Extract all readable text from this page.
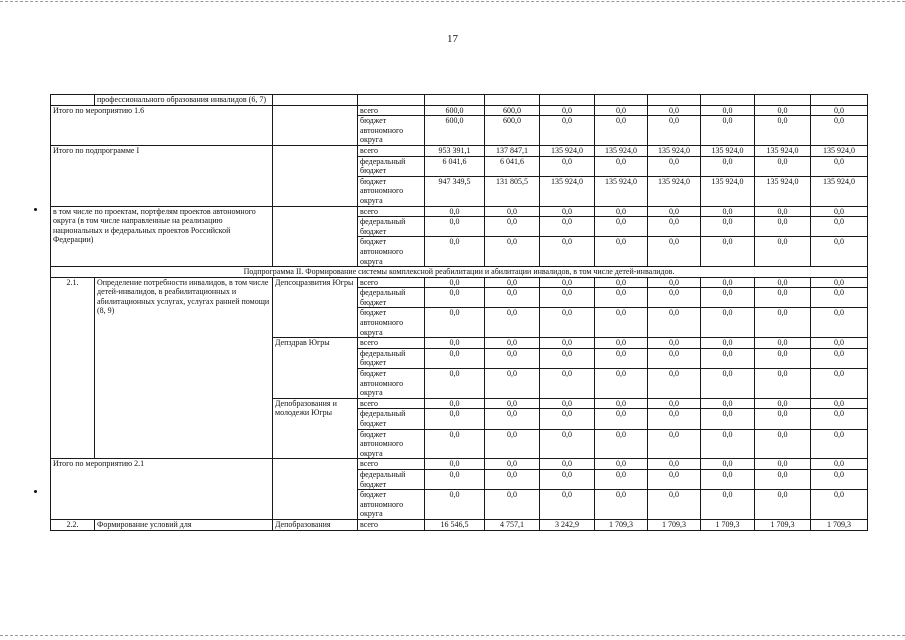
17
	профессионального образования инвалидов (6, 7)										
Итого по мероприятию 1.6			всего	600,0	600,0	0,0	0,0	0,0	0,0	0,0	0,0
			бюджет автономного округа	600,0	600,0	0,0	0,0	0,0	0,0	0,0	0,0
Итого по подпрограмме I			всего	953 391,1	137 847,1	135 924,0	135 924,0	135 924,0	135 924,0	135 924,0	135 924,0
			федеральный бюджет	6 041,6	6 041,6	0,0	0,0	0,0	0,0	0,0	0,0
			бюджет автономного округа	947 349,5	131 805,5	135 924,0	135 924,0	135 924,0	135 924,0	135 924,0	135 924,0
в том числе по проектам, портфелям проектов автономного округа (в том числе направленные на реализацию национальных и федеральных проектов Российской Федерации)			всего	0,0	0,0	0,0	0,0	0,0	0,0	0,0	0,0
			федеральный бюджет	0,0	0,0	0,0	0,0	0,0	0,0	0,0	0,0
			бюджет автономного округа	0,0	0,0	0,0	0,0	0,0	0,0	0,0	0,0
Подпрограмма II. Формирование системы комплексной реабилитации и абилитации инвалидов, в том числе детей-инвалидов.											
2.1.	Определение потребности инвалидов, в том числе детей-инвалидов, в реабилитационных и абилитационных услугах, услугах ранней помощи (8, 9)	Депсоцразвития Югры	всего	0,0	0,0	0,0	0,0	0,0	0,0	0,0	0,0
			федеральный бюджет	0,0	0,0	0,0	0,0	0,0	0,0	0,0	0,0
			бюджет автономного округа	0,0	0,0	0,0	0,0	0,0	0,0	0,0	0,0
		Депздрав Югры	всего	0,0	0,0	0,0	0,0	0,0	0,0	0,0	0,0
			федеральный бюджет	0,0	0,0	0,0	0,0	0,0	0,0	0,0	0,0
			бюджет автономного округа	0,0	0,0	0,0	0,0	0,0	0,0	0,0	0,0
		Депобразования и молодежи Югры	всего	0,0	0,0	0,0	0,0	0,0	0,0	0,0	0,0
			федеральный бюджет	0,0	0,0	0,0	0,0	0,0	0,0	0,0	0,0
			бюджет автономного округа	0,0	0,0	0,0	0,0	0,0	0,0	0,0	0,0
Итого по мероприятию 2.1			всего	0,0	0,0	0,0	0,0	0,0	0,0	0,0	0,0
			федеральный бюджет	0,0	0,0	0,0	0,0	0,0	0,0	0,0	0,0
			бюджет автономного округа	0,0	0,0	0,0	0,0	0,0	0,0	0,0	0,0
2.2.	Формирование условий для	Депобразования	всего	16 546,5	4 757,1	3 242,9	1 709,3	1 709,3	1 709,3	1 709,3	1 709,3
